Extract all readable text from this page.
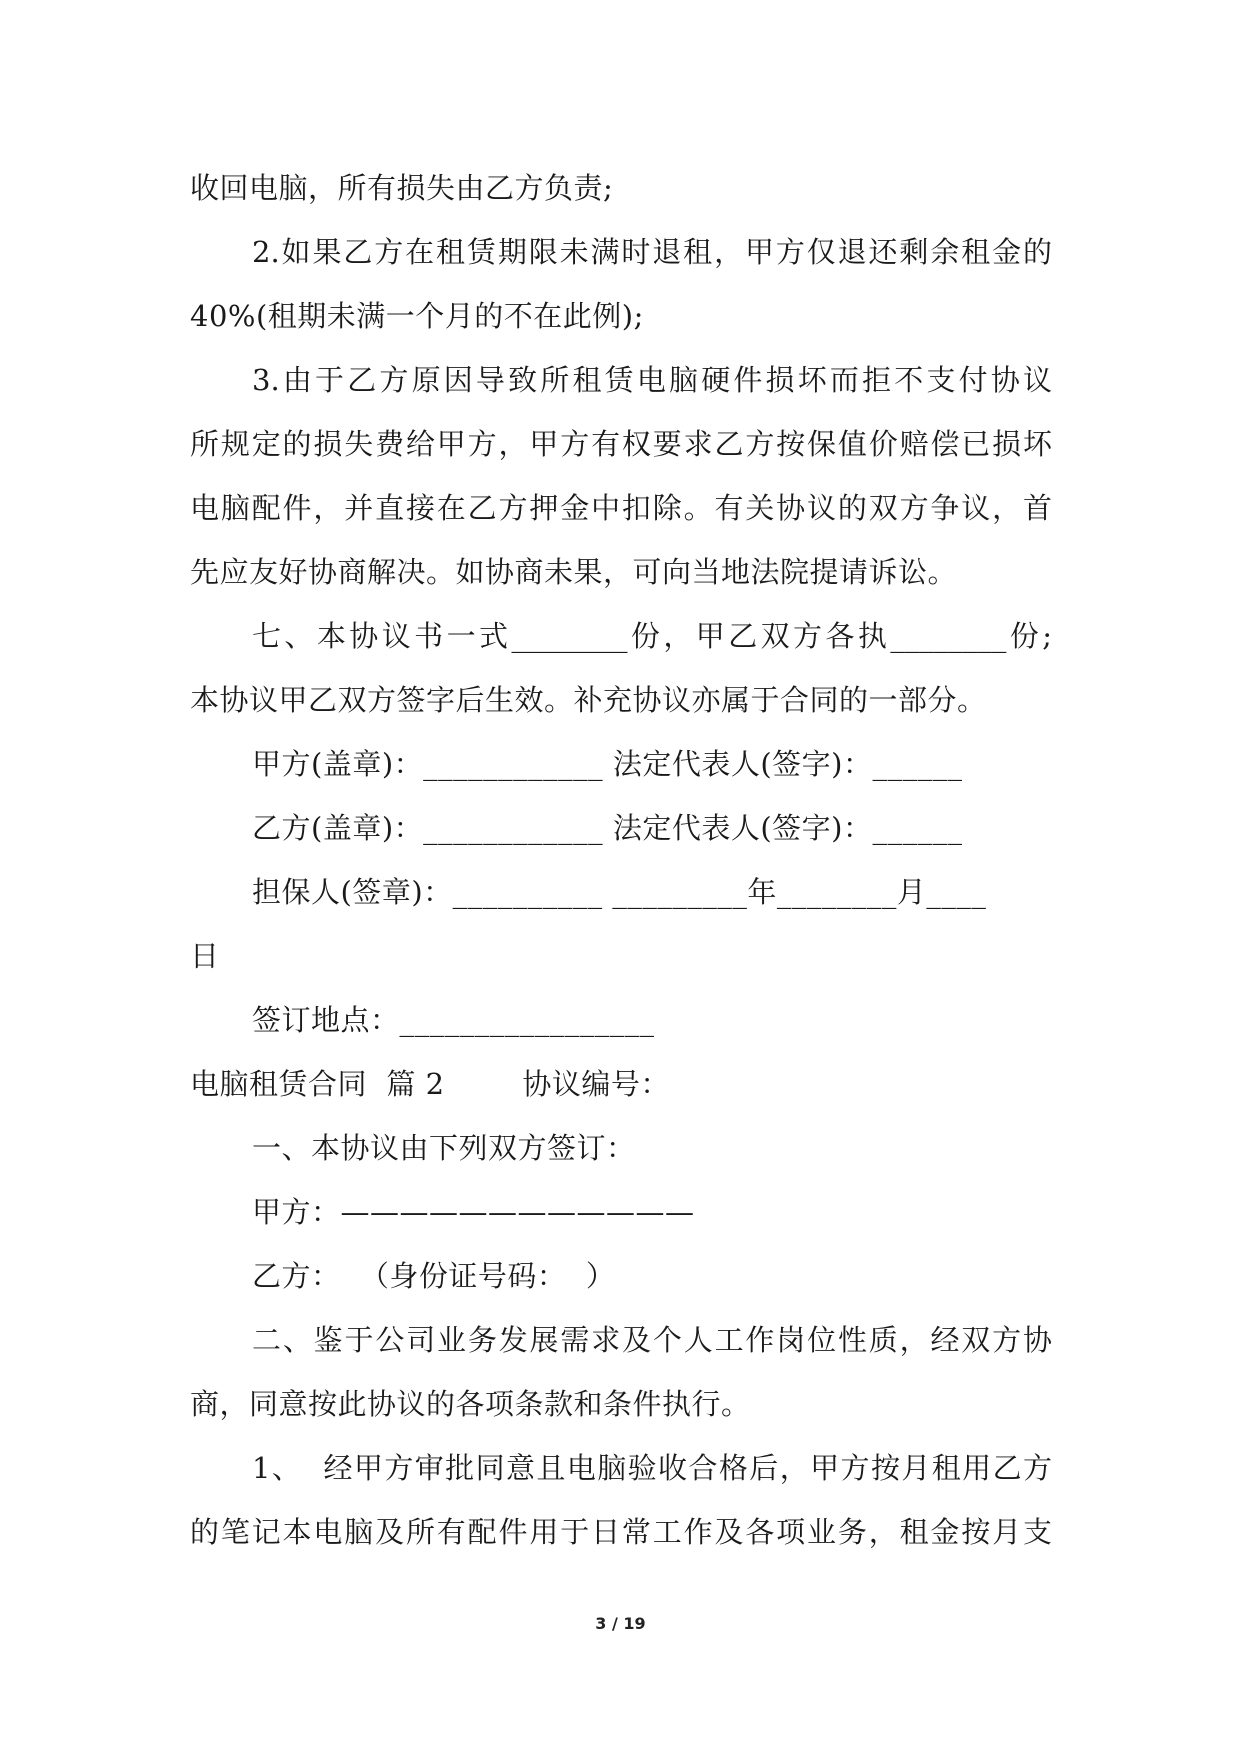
收回电脑，所有损失由乙方负责;
2.如果乙方在租赁期限未满时退租，甲方仅退还剩余租金的
40%(租期未满一个月的不在此例);
3.由于乙方原因导致所租赁电脑硬件损坏而拒不支付协议
所规定的损失费给甲方，甲方有权要求乙方按保值价赔偿已损坏
电脑配件，并直接在乙方押金中扣除。有关协议的双方争议，首
先应友好协商解决。如协商未果，可向当地法院提请诉讼。
七、本协议书一式________份，甲乙双方各执________份;
本协议甲乙双方签字后生效。补充协议亦属于合同的一部分。
甲方(盖章)：____________ 法定代表人(签字)：______
乙方(盖章)：____________ 法定代表人(签字)：______
担保人(签章)：__________ _________年________月____
日
签订地点：_________________
电脑租赁合同  篇 2        协议编号：
一、本协议由下列双方签订：
甲方：————————————
乙方：  （身份证号码：  ）
二、鉴于公司业务发展需求及个人工作岗位性质，经双方协
商，同意按此协议的各项条款和条件执行。
1、  经甲方审批同意且电脑验收合格后，甲方按月租用乙方
的笔记本电脑及所有配件用于日常工作及各项业务，租金按月支
3 / 19
